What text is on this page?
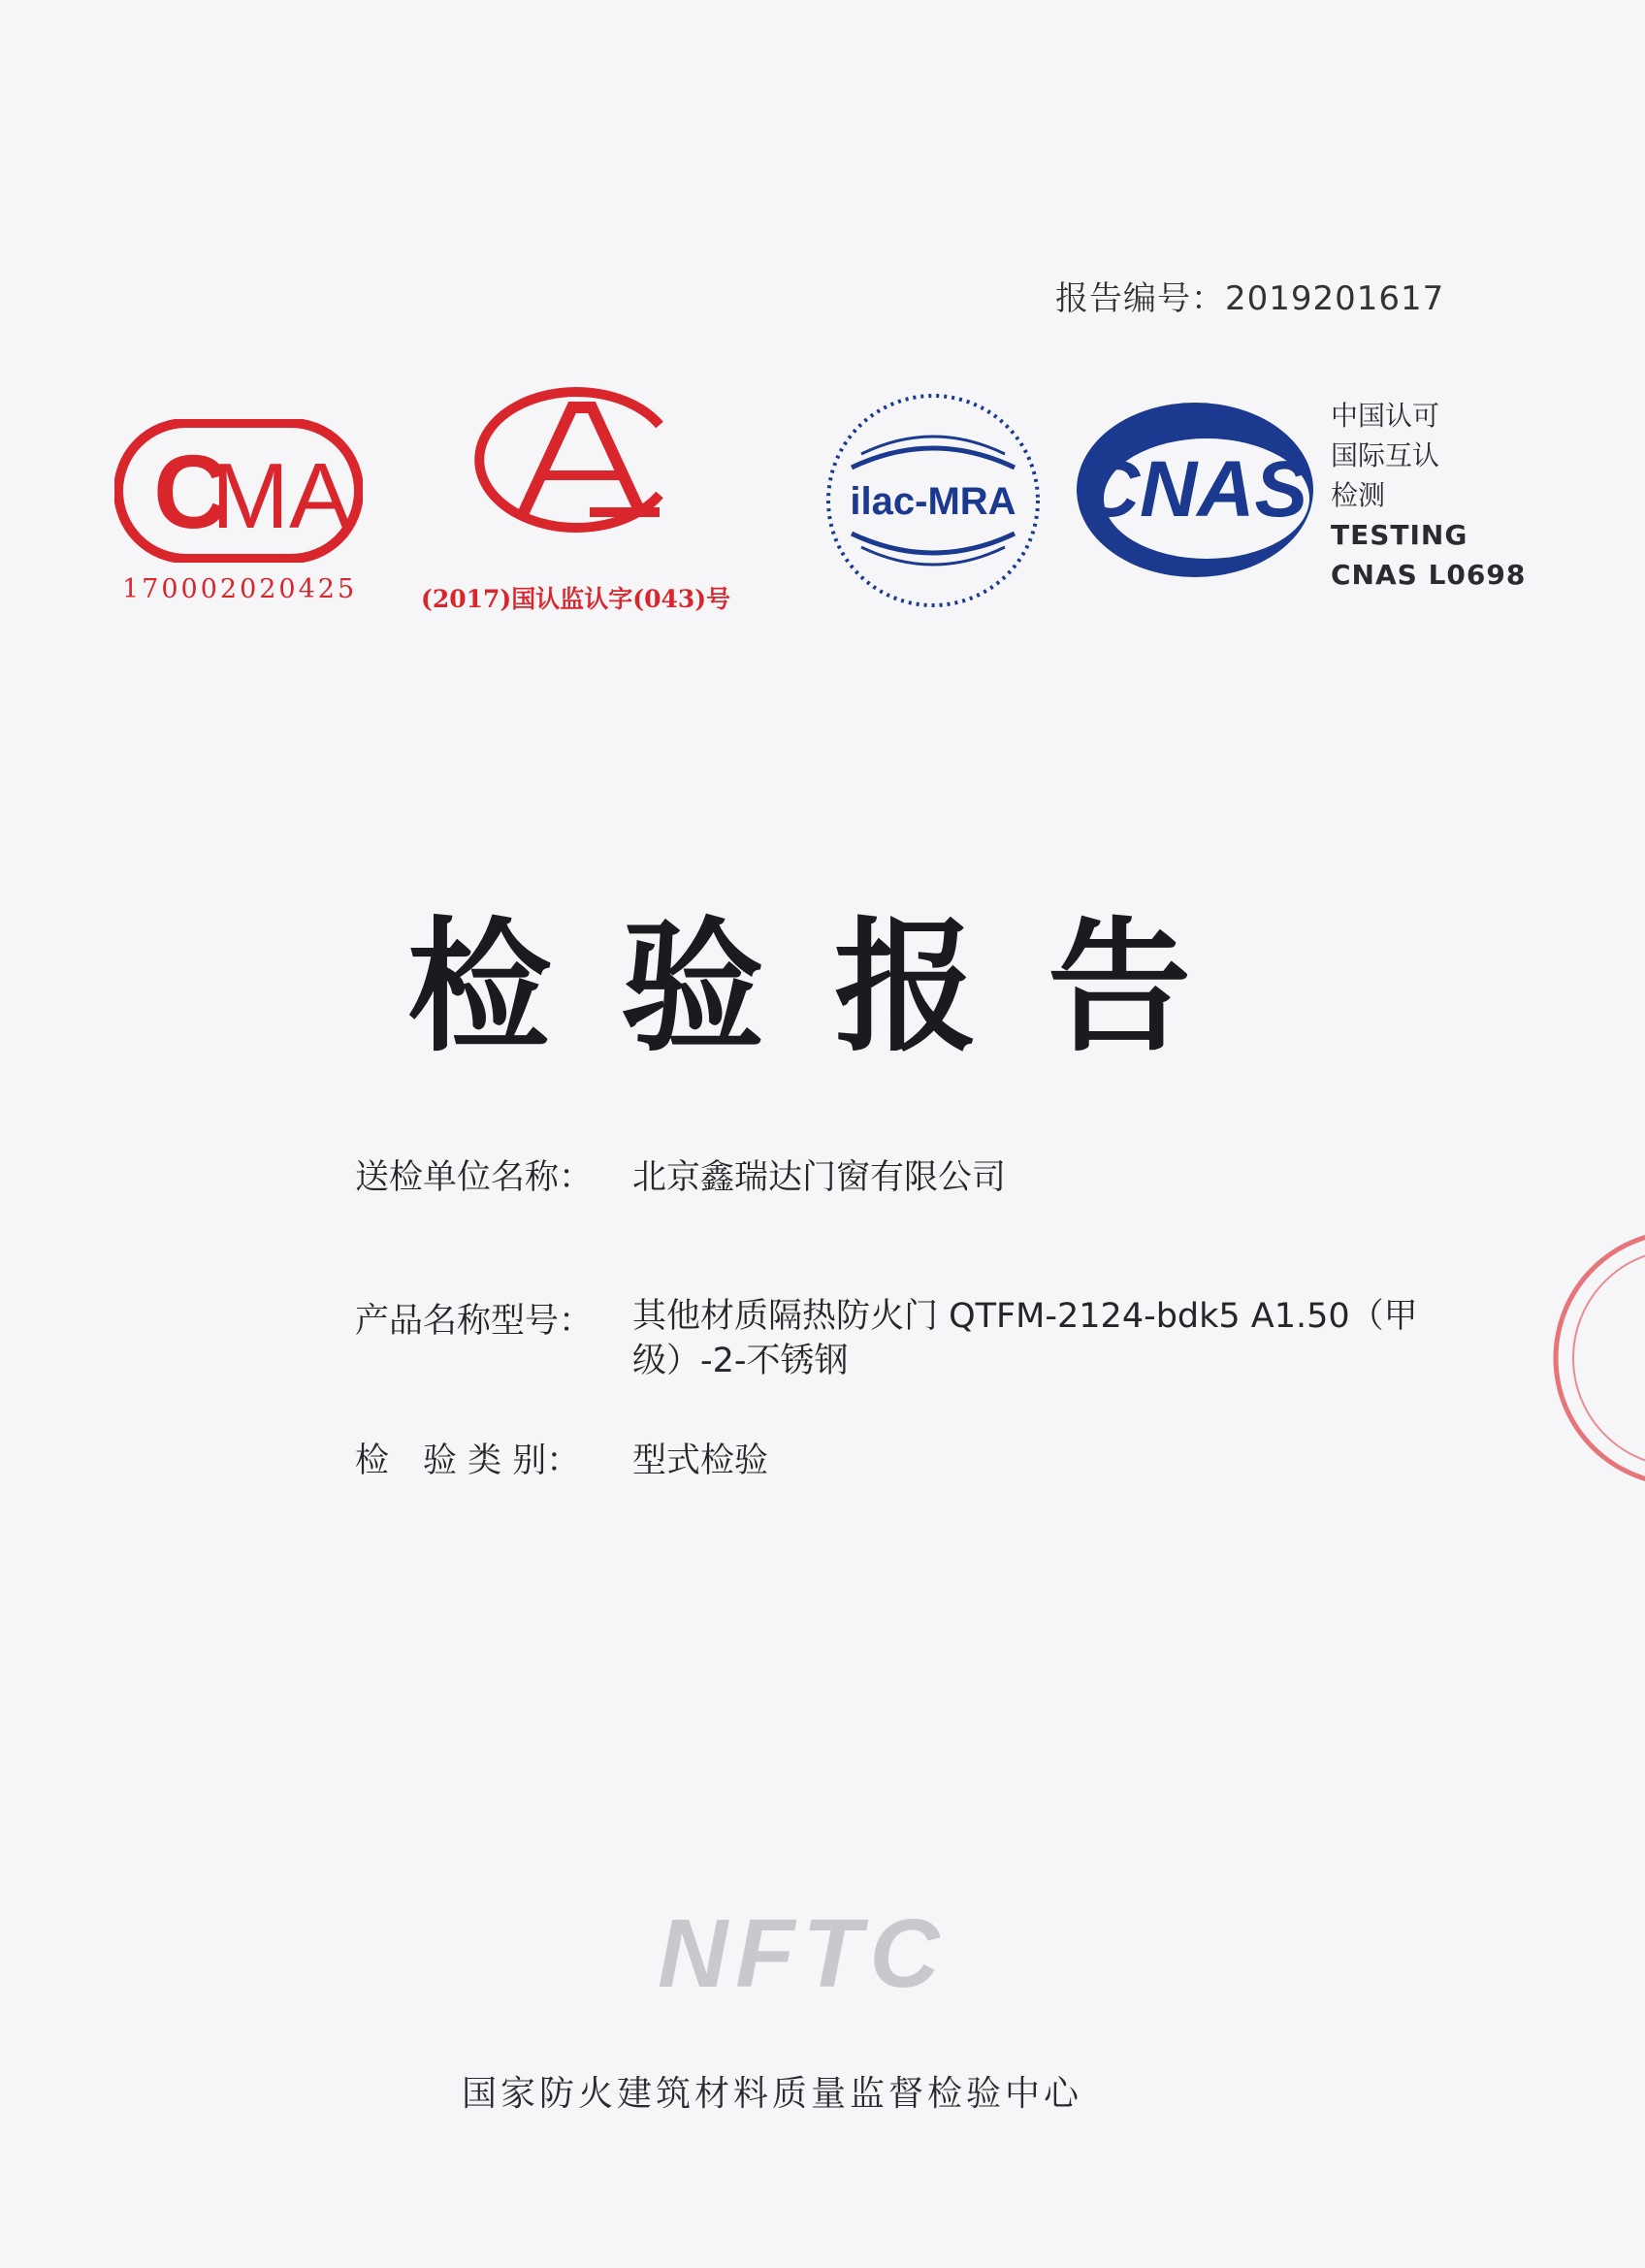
报告编号：2019201617
C
MA
170002020425	(2017)国认监认字(043)号
ilac-MRA CNAS
中国认可
国际互认
检测
TESTING
CNAS L0698
检验报告
送检单位名称： 北京鑫瑞达门窗有限公司
产品名称型号： 其他材质隔热防火门 QTFM-2124-bdk5 A1.50（甲级）-2-不锈钢
检　验 类 别： 型式检验
NFTC
国家防火建筑材料质量监督检验中心
